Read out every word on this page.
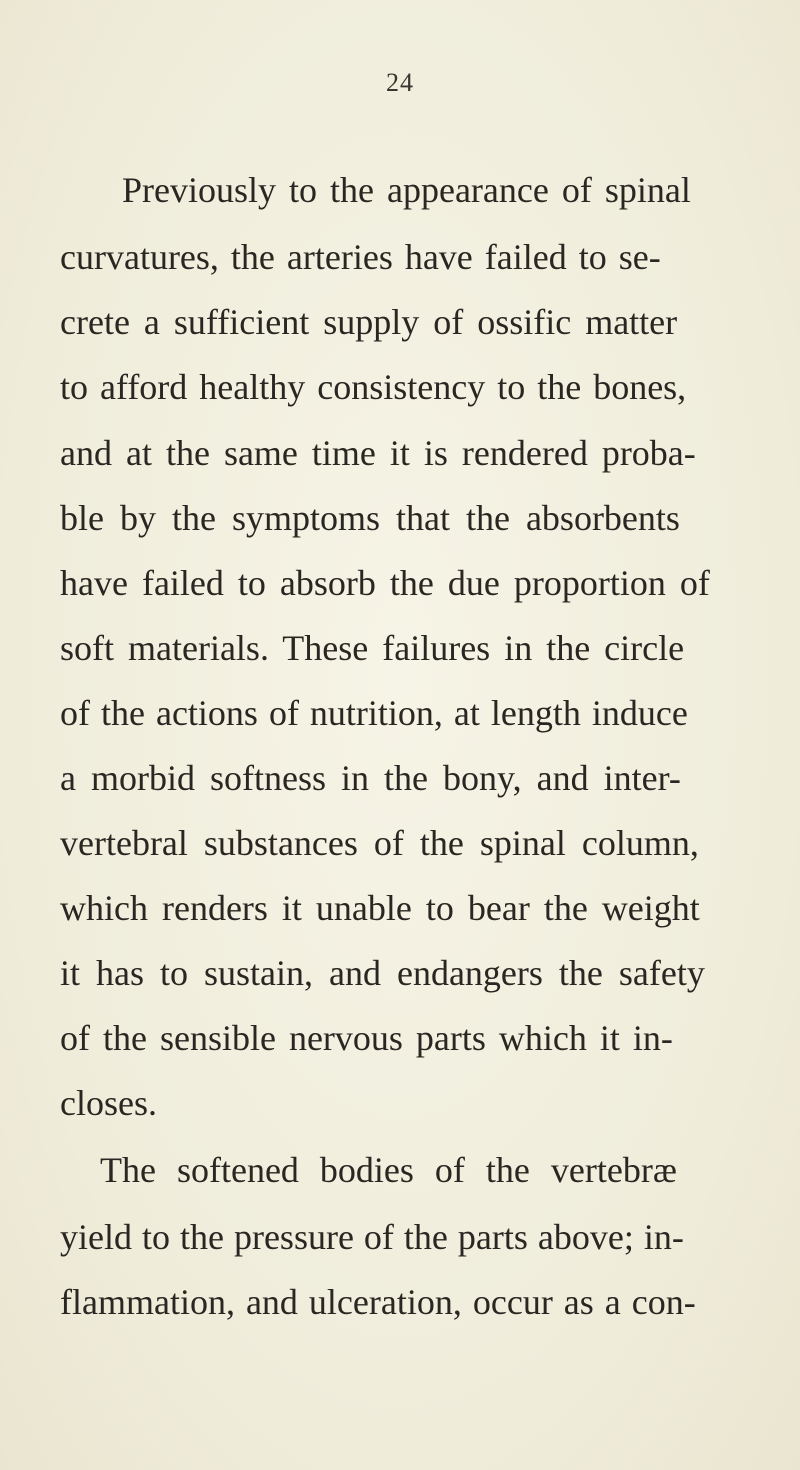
24
Previously to the appearance of spinal
curvatures, the arteries have failed to se-
crete a sufficient supply of ossific matter
to afford healthy consistency to the bones,
and at the same time it is rendered proba-
ble by the symptoms that the absorbents
have failed to absorb the due proportion of
soft materials. These failures in the circle
of the actions of nutrition, at length induce
a morbid softness in the bony, and inter-
vertebral substances of the spinal column,
which renders it unable to bear the weight
it has to sustain, and endangers the safety
of the sensible nervous parts which it in-
closes.
The softened bodies of the vertebræ
yield to the pressure of the parts above; in-
flammation, and ulceration, occur as a con-
